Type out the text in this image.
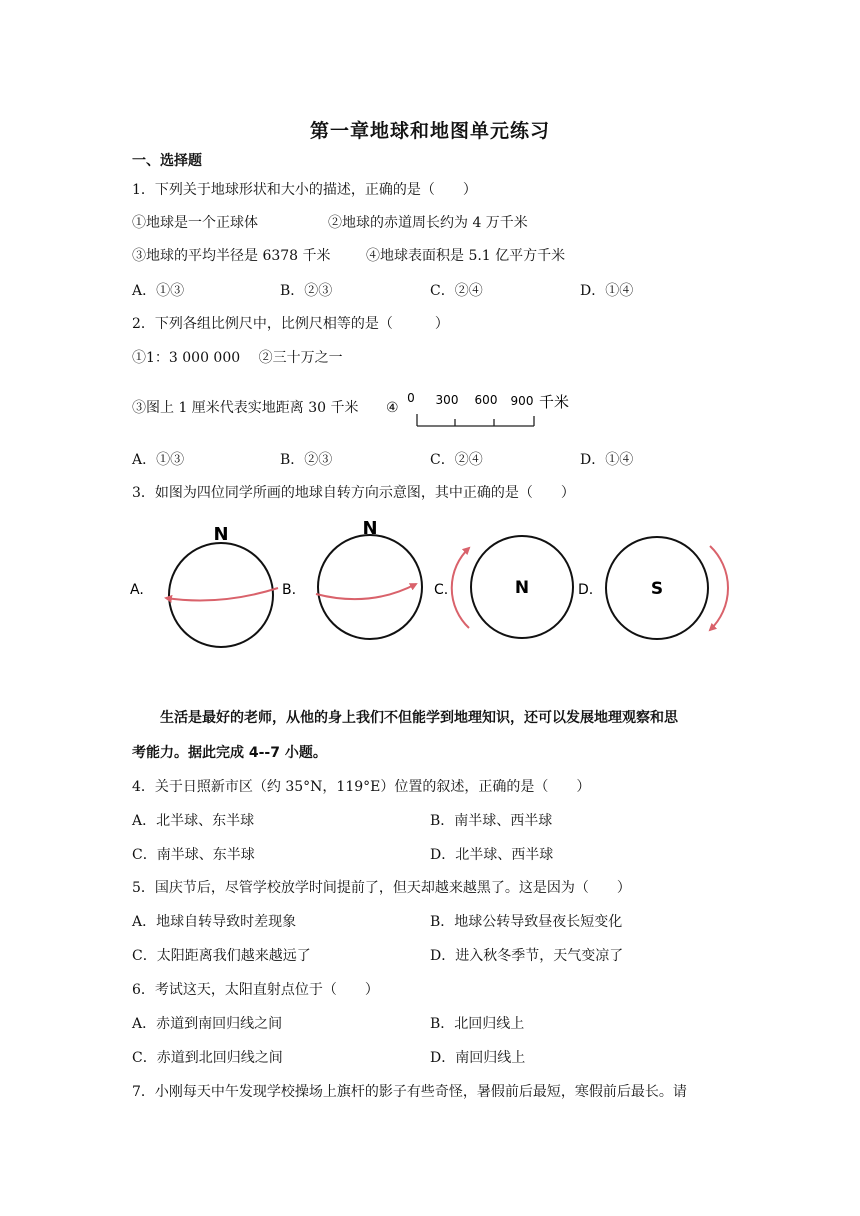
第一章地球和地图单元练习
一、选择题
1．下列关于地球形状和大小的描述，正确的是（　　）
①地球是一个正球体	②地球的赤道周长约为 4 万千米
③地球的平均半径是 6378 千米	④地球表面积是 5.1 亿平方千米
A．①③	B．②③	C．②④	D．①④
2．下列各组比例尺中，比例尺相等的是（　　　）
①1：3 000 000　 ②三十万之一
③图上 1 厘米代表实地距离 30 千米 ④
0 300 600 900 千米
A．①③	B．②③	C．②④	D．①④
3．如图为四位同学所画的地球自转方向示意图，其中正确的是（　　）
A.	B.	C.	D.
N	N
N	S
生活是最好的老师，从他的身上我们不但能学到地理知识，还可以发展地理观察和思
考能力。据此完成 4--7 小题。
4．关于日照新市区（约 35°N，119°E）位置的叙述，正确的是（　　）
A．北半球、东半球	B．南半球、西半球
C．南半球、东半球	D．北半球、西半球
5．国庆节后，尽管学校放学时间提前了，但天却越来越黑了。这是因为（　　）
A．地球自转导致时差现象	B．地球公转导致昼夜长短变化
C．太阳距离我们越来越远了	D．进入秋冬季节，天气变凉了
6．考试这天，太阳直射点位于（　　）
A．赤道到南回归线之间	B．北回归线上
C．赤道到北回归线之间	D．南回归线上
7．小刚每天中午发现学校操场上旗杆的影子有些奇怪，暑假前后最短，寒假前后最长。请
